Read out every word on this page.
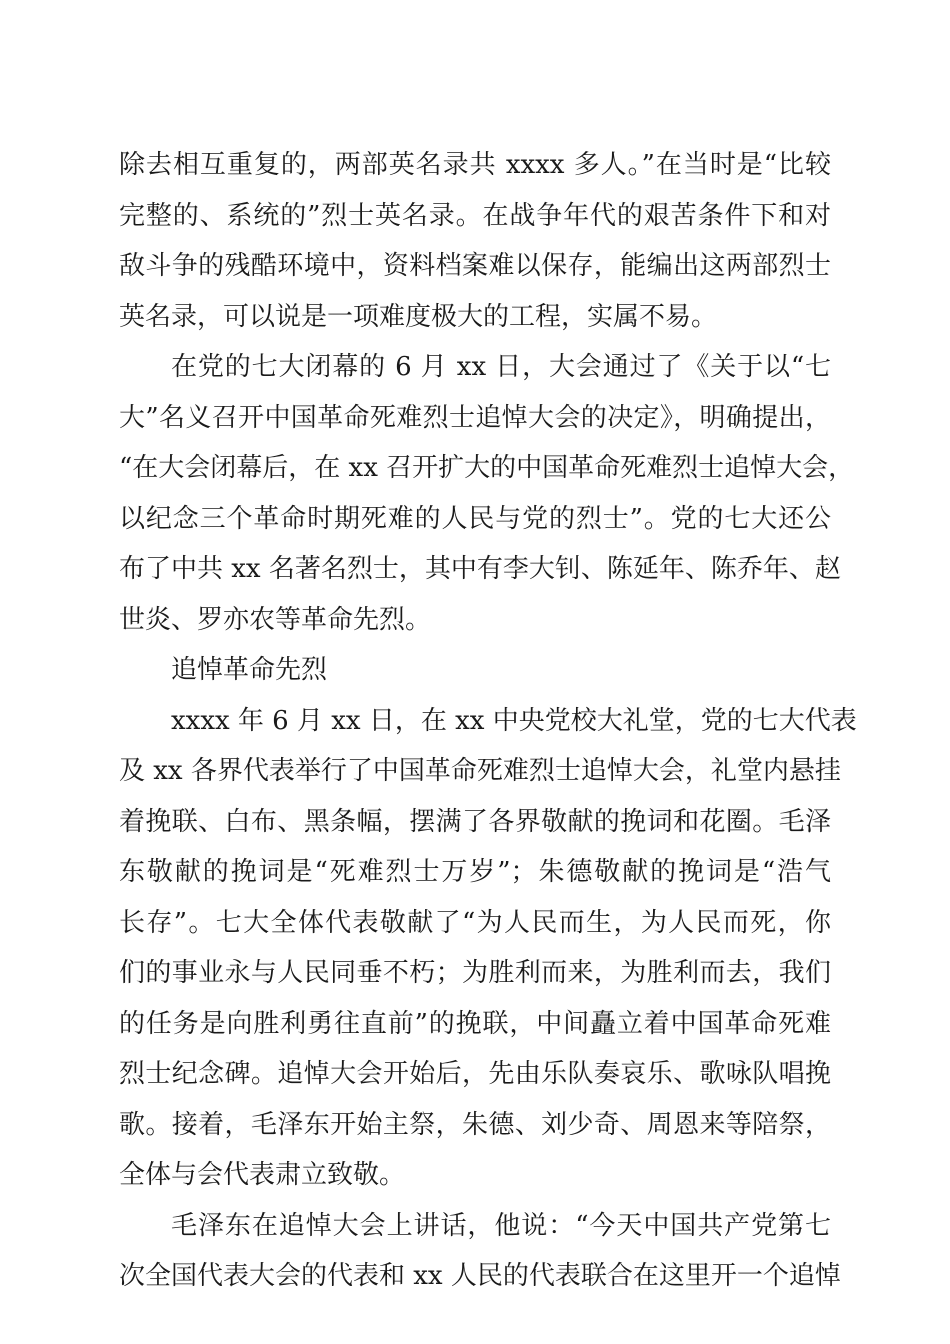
除去相互重复的，两部英名录共 xxxx 多人。”在当时是“比较
完整的、系统的”烈士英名录。在战争年代的艰苦条件下和对
敌斗争的残酷环境中，资料档案难以保存，能编出这两部烈士
英名录，可以说是一项难度极大的工程，实属不易。
在党的七大闭幕的 6 月 xx 日，大会通过了《关于以“七
大”名义召开中国革命死难烈士追悼大会的决定》，明确提出，
“在大会闭幕后，在 xx 召开扩大的中国革命死难烈士追悼大会，
以纪念三个革命时期死难的人民与党的烈士”。党的七大还公
布了中共 xx 名著名烈士，其中有李大钊、陈延年、陈乔年、赵
世炎、罗亦农等革命先烈。
追悼革命先烈
xxxx 年 6 月 xx 日，在 xx 中央党校大礼堂，党的七大代表
及 xx 各界代表举行了中国革命死难烈士追悼大会，礼堂内悬挂
着挽联、白布、黑条幅，摆满了各界敬献的挽词和花圈。毛泽
东敬献的挽词是“死难烈士万岁”；朱德敬献的挽词是“浩气
长存”。七大全体代表敬献了“为人民而生，为人民而死，你
们的事业永与人民同垂不朽；为胜利而来，为胜利而去，我们
的任务是向胜利勇往直前”的挽联，中间矗立着中国革命死难
烈士纪念碑。追悼大会开始后，先由乐队奏哀乐、歌咏队唱挽
歌。接着，毛泽东开始主祭，朱德、刘少奇、周恩来等陪祭，
全体与会代表肃立致敬。
毛泽东在追悼大会上讲话，他说：“今天中国共产党第七
次全国代表大会的代表和 xx 人民的代表联合在这里开一个追悼
